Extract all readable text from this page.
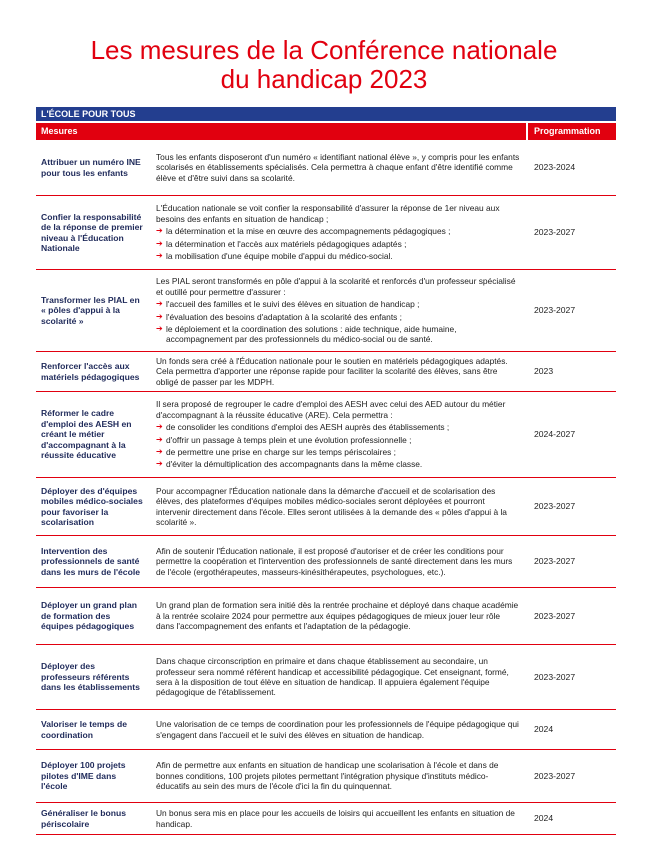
Les mesures de la Conférence nationale
du handicap 2023
L'ÉCOLE POUR TOUS
Mesures	Programmation
Attribuer un numéro INE pour tous les enfants

Tous les enfants disposeront d'un numéro « identifiant national élève », y compris pour les enfants scolarisés en établissements spécialisés. Cela permettra à chaque enfant d'être identifié comme élève et d'être suivi dans sa scolarité.

2023-2024
Confier la responsabilité de la réponse de premier niveau à l'Éducation Nationale

L'Éducation nationale se voit confier la responsabilité d'assurer la réponse de 1er niveau aux besoins des enfants en situation de handicap ;

➔ la détermination et la mise en œuvre des accompagnements pédagogiques ;
➔ la détermination et l'accès aux matériels pédagogiques adaptés ;
➔ la mobilisation d'une équipe mobile d'appui du médico-social.
2023-2027
Transformer les PIAL en « pôles d'appui à la scolarité »

Les PIAL seront transformés en pôle d'appui à la scolarité et renforcés d'un professeur spécialisé et outillé pour permettre d'assurer :

➔ l'accueil des familles et le suivi des élèves en situation de handicap ;
➔ l'évaluation des besoins d'adaptation à la scolarité des enfants ;
➔ le déploiement et la coordination des solutions : aide technique, aide humaine, accompagnement par des professionnels du médico-social ou de santé.
2023-2027
Renforcer l'accès aux matériels pédagogiques

Un fonds sera créé à l'Éducation nationale pour le soutien en matériels pédagogiques adaptés. Cela permettra d'apporter une réponse rapide pour faciliter la scolarité des élèves, sans être obligé de passer par les MDPH.

2023
Réformer le cadre d'emploi des AESH en créant le métier d'accompagnant à la réussite éducative

Il sera proposé de regrouper le cadre d'emploi des AESH avec celui des AED autour du métier d'accompagnant à la réussite éducative (ARE). Cela permettra :

➔ de consolider les conditions d'emploi des AESH auprès des établissements ;
➔ d'offrir un passage à temps plein et une évolution professionnelle ;
➔ de permettre une prise en charge sur les temps périscolaires ;
➔ d'éviter la démultiplication des accompagnants dans la même classe.
2024-2027
Déployer des d'équipes mobiles médico-sociales pour favoriser la scolarisation

Pour accompagner l'Éducation nationale dans la démarche d'accueil et de scolarisation des élèves, des plateformes d'équipes mobiles médico-sociales seront déployées et pourront intervenir directement dans l'école. Elles seront utilisées à la demande des « pôles d'appui à la scolarité ».

2023-2027
Intervention des professionnels de santé dans les murs de l'école

Afin de soutenir l'Éducation nationale, il est proposé d'autoriser et de créer les conditions pour permettre la coopération et l'intervention des professionnels de santé directement dans les murs de l'école (ergothérapeutes, masseurs-kinésithérapeutes, psychologues, etc.).

2023-2027
Déployer un grand plan de formation des équipes pédagogiques

Un grand plan de formation sera initié dès la rentrée prochaine et déployé dans chaque académie à la rentrée scolaire 2024 pour permettre aux équipes pédagogiques de mieux jouer leur rôle dans l'accompagnement des enfants et l'adaptation de la pédagogie.

2023-2027
Déployer des professeurs référents dans les établissements

Dans chaque circonscription en primaire et dans chaque établissement au secondaire, un professeur sera nommé référent handicap et accessibilité pédagogique. Cet enseignant, formé, sera à la disposition de tout élève en situation de handicap. Il appuiera également l'équipe pédagogique de l'établissement.

2023-2027
Valoriser le temps de coordination

Une valorisation de ce temps de coordination pour les professionnels de l'équipe pédagogique qui s'engagent dans l'accueil et le suivi des élèves en situation de handicap.

2024
Déployer 100 projets pilotes d'IME dans l'école

Afin de permettre aux enfants en situation de handicap une scolarisation à l'école et dans de bonnes conditions, 100 projets pilotes permettant l'intégration physique d'instituts médico-éducatifs au sein des murs de l'école d'ici la fin du quinquennat.

2023-2027
Généraliser le bonus périscolaire

Un bonus sera mis en place pour les accueils de loisirs qui accueillent les enfants en situation de handicap.

2024
